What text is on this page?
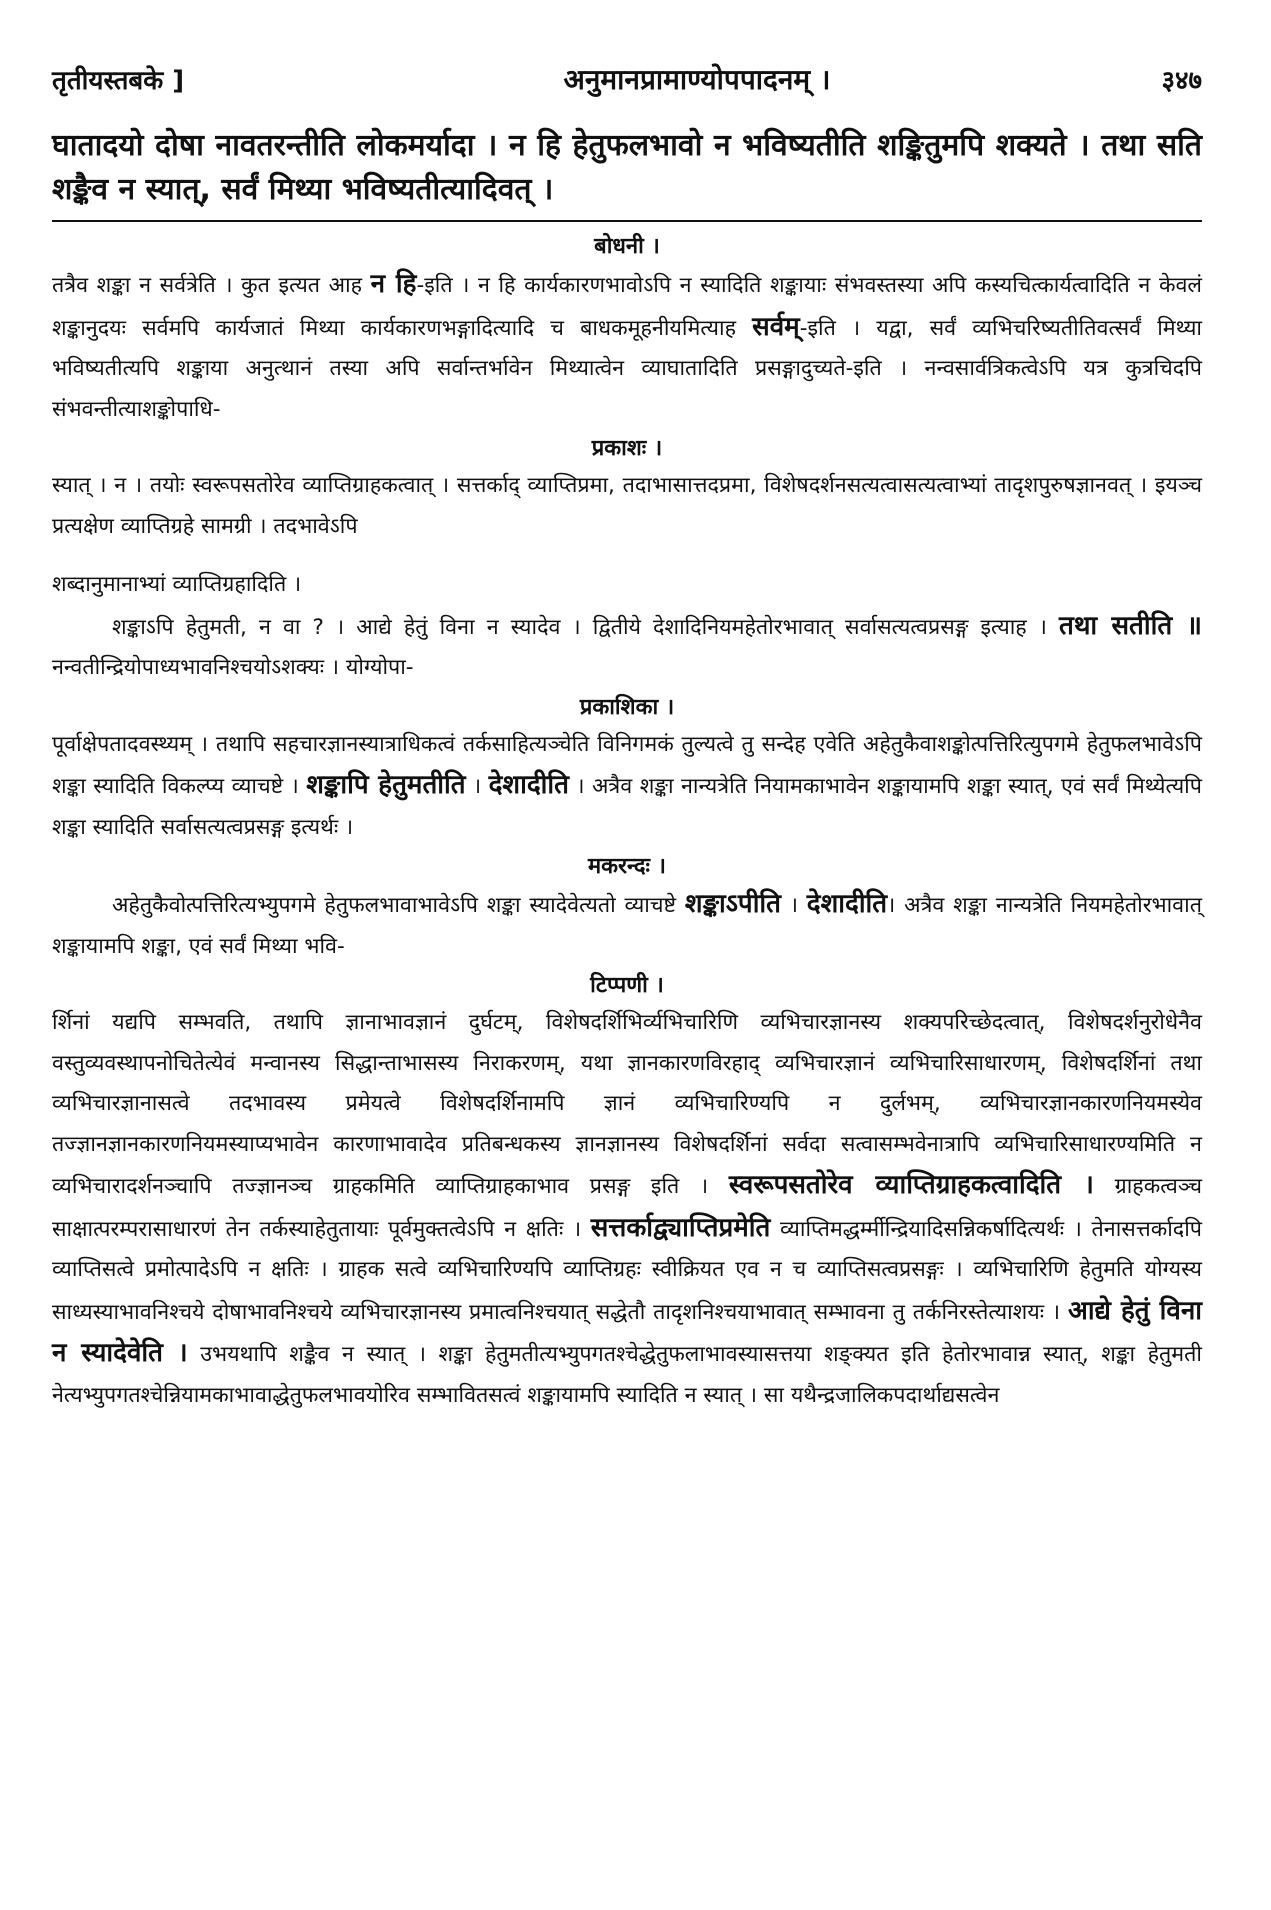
तृतीयस्तबके ]	अनुमानप्रामाण्योपपादनम् ।	३४७
घातादयो दोषा नावतरन्तीति लोकमर्यादा । न हि हेतुफलभावो न भविष्यतीति शङ्कितुमपि शक्यते । तथा सति शङ्कैव न स्यात्, सर्वं मिथ्या भविष्यतीत्यादिवत् ।
बोधनी ।
तत्रैव शङ्का न सर्वत्रेति । कुत इत्यत आह न हि-इति । न हि कार्यकारणभावोऽपि न स्यादिति शङ्कायाः संभवस्तस्या अपि कस्यचित्कार्यत्वादिति न केवलं शङ्कानुदयः सर्वमपि कार्यजातं मिथ्या कार्यकारणभङ्गादित्यादि च बाधकमूहनीयमित्याह सर्वम्-इति । यद्वा, सर्वं व्यभिचरिष्यतीतिवत्सर्वं मिथ्या भविष्यतीत्यपि शङ्काया अनुत्थानं तस्या अपि सर्वान्तर्भावेन मिथ्यात्वेन व्याघातादिति प्रसङ्गादुच्यते-इति । नन्वसार्वत्रिकत्वेऽपि यत्र कुत्रचिदपि संभवन्तीत्याशङ्कोपाधि-
प्रकाशः ।
स्यात् । न । तयोः स्वरूपसतोरेव व्याप्तिग्राहकत्वात् । सत्तर्काद् व्याप्तिप्रमा, तदाभासात्तदप्रमा, विशेषदर्शनसत्यत्वासत्यत्वाभ्यां तादृशपुरुषज्ञानवत् । इयञ्च प्रत्यक्षेण व्याप्तिग्रहे सामग्री । तदभावेऽपि
शब्दानुमानाभ्यां व्याप्तिग्रहादिति ।
शङ्काऽपि हेतुमती, न वा ? । आद्ये हेतुं विना न स्यादेव । द्वितीये देशादिनियमहेतोरभावात् सर्वासत्यत्वप्रसङ्ग इत्याह । तथा सतीति ॥ नन्वतीन्द्रियोपाध्यभावनिश्चयोऽशक्यः । योग्योपा-
प्रकाशिका ।
पूर्वाक्षेपतादवस्थ्यम् । तथापि सहचारज्ञानस्यात्राधिकत्वं तर्कसाहित्यञ्चेति विनिगमकं तुल्यत्वे तु सन्देह एवेति अहेतुकैवाशङ्कोत्पत्तिरित्युपगमे हेतुफलभावेऽपि शङ्का स्यादिति विकल्प्य व्याचष्टे । शङ्कापि हेतुमतीति । देशादीति । अत्रैव शङ्का नान्यत्रेति नियामकाभावेन शङ्कायामपि शङ्का स्यात्, एवं सर्वं मिथ्येत्यपि शङ्का स्यादिति सर्वासत्यत्वप्रसङ्ग इत्यर्थः ।
मकरन्दः ।
अहेतुकैवोत्पत्तिरित्यभ्युपगमे हेतुफलभावाभावेऽपि शङ्का स्यादेवेत्यतो व्याचष्टे शङ्काऽपीति । देशादीति। अत्रैव शङ्का नान्यत्रेति नियमहेतोरभावात् शङ्कायामपि शङ्का, एवं सर्वं मिथ्या भवि-
टिप्पणी ।
र्शिनां यद्यपि सम्भवति, तथापि ज्ञानाभावज्ञानं दुर्घटम्, विशेषदर्शिभिर्व्यभिचारिणि व्यभिचारज्ञानस्य शक्यपरिच्छेदत्वात्, विशेषदर्शनुरोधेनैव वस्तुव्यवस्थापनोचितेत्येवं मन्वानस्य सिद्धान्ताभासस्य निराकरणम्, यथा ज्ञानकारणविरहाद् व्यभिचारज्ञानं व्यभिचारिसाधारणम्, विशेषदर्शिनां तथा व्यभिचारज्ञानासत्वे तदभावस्य प्रमेयत्वे विशेषदर्शिनामपि ज्ञानं व्यभिचारिण्यपि न दुर्लभम्, व्यभिचारज्ञानकारणनियमस्येव तज्ज्ञानज्ञानकारणनियमस्याप्यभावेन कारणाभावादेव प्रतिबन्धकस्य ज्ञानज्ञानस्य विशेषदर्शिनां सर्वदा सत्वासम्भवेनात्रापि व्यभिचारिसाधारण्यमिति न व्यभिचारादर्शनञ्चापि तज्ज्ञानञ्च ग्राहकमिति व्याप्तिग्राहकाभाव प्रसङ्ग इति । स्वरूपसतोरेव व्याप्तिग्राहकत्वादिति । ग्राहकत्वञ्च साक्षात्परम्परासाधारणं तेन तर्कस्याहेतुतायाः पूर्वमुक्तत्वेऽपि न क्षतिः । सत्तर्काद्व्याप्तिप्रमेति व्याप्तिमद्धर्म्मीन्द्रियादिसन्निकर्षादित्यर्थः । तेनासत्तर्कादपि व्याप्तिसत्वे प्रमोत्पादेऽपि न क्षतिः । ग्राहक सत्वे व्यभिचारिण्यपि व्याप्तिग्रहः स्वीक्रियत एव न च व्याप्तिसत्वप्रसङ्गः । व्यभिचारिणि हेतुमति योग्यस्य साध्यस्याभावनिश्चये दोषाभावनिश्चये व्यभिचारज्ञानस्य प्रमात्वनिश्चयात् सद्धेतौ तादृशनिश्चयाभावात् सम्भावना तु तर्कनिरस्तेत्याशयः । आद्ये हेतुं विना न स्यादेवेति । उभयथापि शङ्कैव न स्यात् । शङ्का हेतुमतीत्यभ्युपगतश्चेद्धेतुफलाभावस्यासत्तया शङ्क्यत इति हेतोरभावान्न स्यात्, शङ्का हेतुमती नेत्यभ्युपगतश्चेन्नियामकाभावाद्धेतुफलभावयोरिव सम्भावितसत्वं शङ्कायामपि स्यादिति न स्यात् । सा यथैन्द्रजालिकपदार्थाद्यसत्वेन
